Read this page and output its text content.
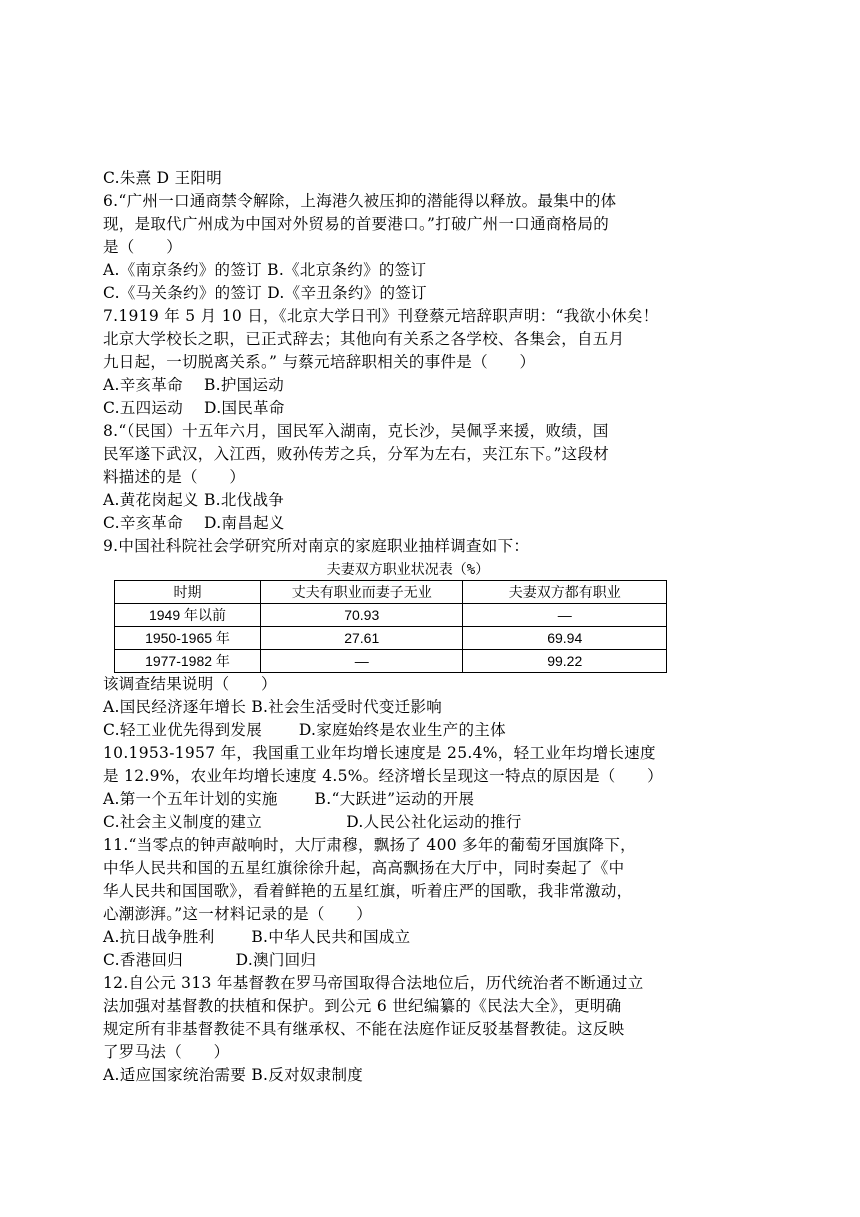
C.朱熹 D 王阳明
6.“广州一口通商禁令解除，上海港久被压抑的潜能得以释放。最集中的体
现，是取代广州成为中国对外贸易的首要港口。”打破广州一口通商格局的
是（　　）
A.《南京条约》的签订 B.《北京条约》的签订
C.《马关条约》的签订 D.《辛丑条约》的签订
7.1919 年 5 月 10 日，《北京大学日刊》刊登蔡元培辞职声明：“我欲小休矣！
北京大学校长之职，已正式辞去；其他向有关系之各学校、各集会，自五月
九日起，一切脱离关系。” 与蔡元培辞职相关的事件是（　　）
A.辛亥革命　 B.护国运动
C.五四运动　 D.国民革命
8.“（民国）十五年六月，国民军入湖南，克长沙，吴佩孚来援，败绩，国
民军遂下武汉，入江西，败孙传芳之兵，分军为左右，夹江东下。”这段材
料描述的是（　　）
A.黄花岗起义 B.北伐战争
C.辛亥革命　 D.南昌起义
9.中国社科院社会学研究所对南京的家庭职业抽样调查如下：
夫妻双方职业状况表（%）
时期	丈夫有职业而妻子无业	夫妻双方都有职业
1949 年以前	70.93	—
1950-1965 年	27.61	69.94
1977-1982 年	—	99.22
该调查结果说明（　　）
A.国民经济逐年增长 B.社会生活受时代变迁影响
C.轻工业优先得到发展　　 D.家庭始终是农业生产的主体
10.1953-1957 年，我国重工业年均增长速度是 25.4%，轻工业年均增长速度
是 12.9%，农业年均增长速度 4.5%。经济增长呈现这一特点的原因是（　　）
A.第一个五年计划的实施　　 B.“大跃进”运动的开展
C.社会主义制度的建立　　　　　 D.人民公社化运动的推行
11.“当零点的钟声敲响时，大厅肃穆，飘扬了 400 多年的葡萄牙国旗降下，
中华人民共和国的五星红旗徐徐升起，高高飘扬在大厅中，同时奏起了《中
华人民共和国国歌》，看着鲜艳的五星红旗，听着庄严的国歌，我非常激动，
心潮澎湃。”这一材料记录的是（　　）
A.抗日战争胜利　　 B.中华人民共和国成立
C.香港回归　　　 D.澳门回归
12.自公元 313 年基督教在罗马帝国取得合法地位后，历代统治者不断通过立
法加强对基督教的扶植和保护。到公元 6 世纪编纂的《民法大全》，更明确
规定所有非基督教徒不具有继承权、不能在法庭作证反驳基督教徒。这反映
了罗马法（　　）
A.适应国家统治需要 B.反对奴隶制度
